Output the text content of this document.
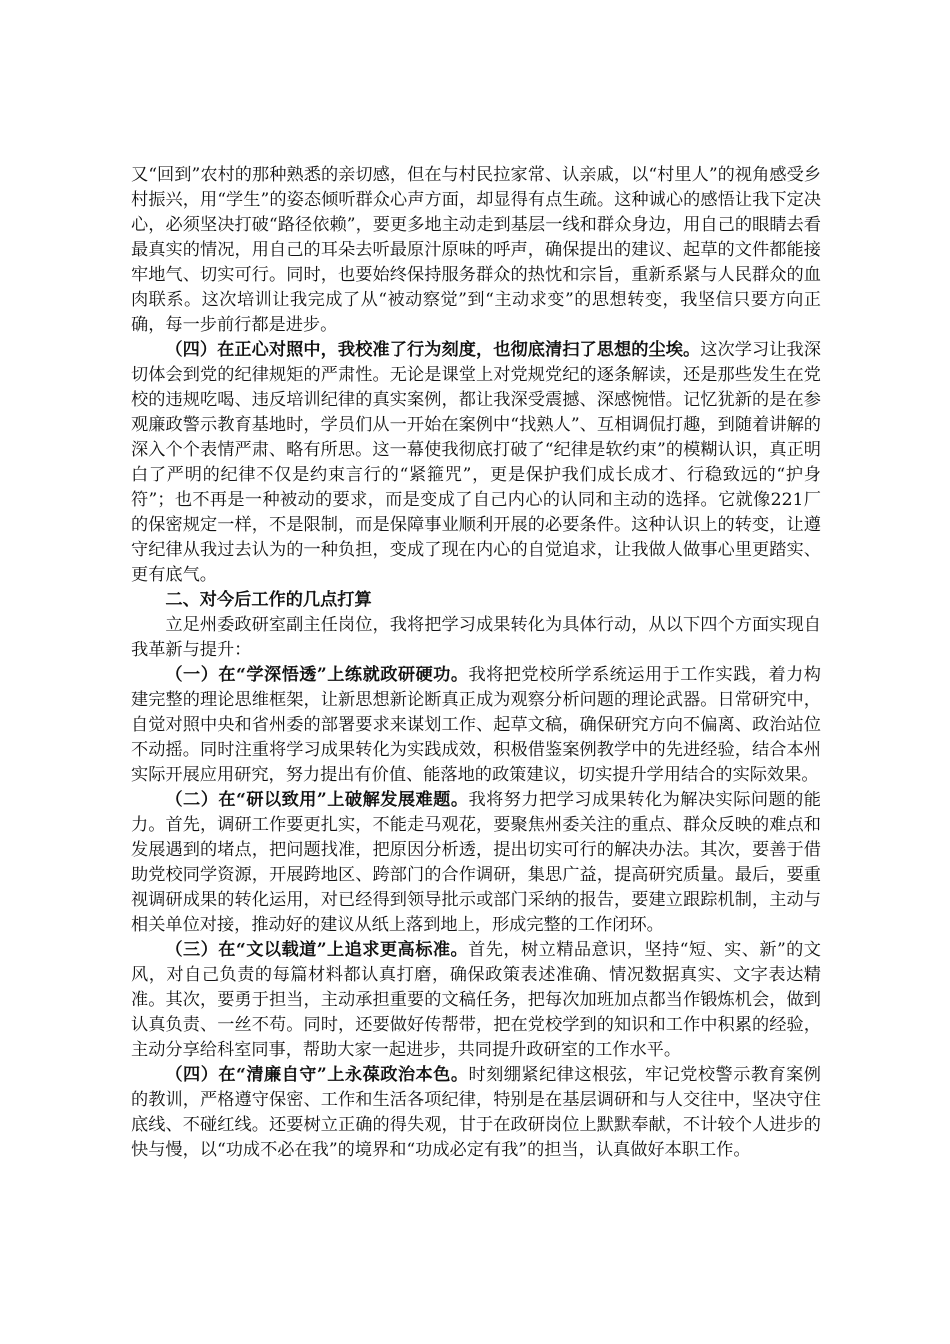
又“回到”农村的那种熟悉的亲切感，但在与村民拉家常、认亲戚，以“村里人”的视角感受乡村振兴，用“学生”的姿态倾听群众心声方面，却显得有点生疏。这种诚心的感悟让我下定决心，必须坚决打破“路径依赖”，要更多地主动走到基层一线和群众身边，用自己的眼睛去看最真实的情况，用自己的耳朵去听最原汁原味的呼声，确保提出的建议、起草的文件都能接牢地气、切实可行。同时，也要始终保持服务群众的热忱和宗旨，重新系紧与人民群众的血肉联系。这次培训让我完成了从“被动察觉”到“主动求变”的思想转变，我坚信只要方向正确，每一步前行都是进步。

（四）在正心对照中，我校准了行为刻度，也彻底清扫了思想的尘埃。这次学习让我深切体会到党的纪律规矩的严肃性。无论是课堂上对党规党纪的逐条解读，还是那些发生在党校的违规吃喝、违反培训纪律的真实案例，都让我深受震撼、深感惋惜。记忆犹新的是在参观廉政警示教育基地时，学员们从一开始在案例中“找熟人”、互相调侃打趣，到随着讲解的深入个个表情严肃、略有所思。这一幕使我彻底打破了“纪律是软约束”的模糊认识，真正明白了严明的纪律不仅是约束言行的“紧箍咒”，更是保护我们成长成才、行稳致远的“护身符”；也不再是一种被动的要求，而是变成了自己内心的认同和主动的选择。它就像221厂的保密规定一样，不是限制，而是保障事业顺利开展的必要条件。这种认识上的转变，让遵守纪律从我过去认为的一种负担，变成了现在内心的自觉追求，让我做人做事心里更踏实、更有底气。

二、对今后工作的几点打算

立足州委政研室副主任岗位，我将把学习成果转化为具体行动，从以下四个方面实现自我革新与提升：

（一）在“学深悟透”上练就政研硬功。我将把党校所学系统运用于工作实践，着力构建完整的理论思维框架，让新思想新论断真正成为观察分析问题的理论武器。日常研究中，自觉对照中央和省州委的部署要求来谋划工作、起草文稿，确保研究方向不偏离、政治站位不动摇。同时注重将学习成果转化为实践成效，积极借鉴案例教学中的先进经验，结合本州实际开展应用研究，努力提出有价值、能落地的政策建议，切实提升学用结合的实际效果。

（二）在“研以致用”上破解发展难题。我将努力把学习成果转化为解决实际问题的能力。首先，调研工作要更扎实，不能走马观花，要聚焦州委关注的重点、群众反映的难点和发展遇到的堵点，把问题找准，把原因分析透，提出切实可行的解决办法。其次，要善于借助党校同学资源，开展跨地区、跨部门的合作调研，集思广益，提高研究质量。最后，要重视调研成果的转化运用，对已经得到领导批示或部门采纳的报告，要建立跟踪机制，主动与相关单位对接，推动好的建议从纸上落到地上，形成完整的工作闭环。

（三）在“文以载道”上追求更高标准。首先，树立精品意识，坚持“短、实、新”的文风，对自己负责的每篇材料都认真打磨，确保政策表述准确、情况数据真实、文字表达精准。其次，要勇于担当，主动承担重要的文稿任务，把每次加班加点都当作锻炼机会，做到认真负责、一丝不苟。同时，还要做好传帮带，把在党校学到的知识和工作中积累的经验，主动分享给科室同事，帮助大家一起进步，共同提升政研室的工作水平。

（四）在“清廉自守”上永葆政治本色。时刻绷紧纪律这根弦，牢记党校警示教育案例的教训，严格遵守保密、工作和生活各项纪律，特别是在基层调研和与人交往中，坚决守住底线、不碰红线。还要树立正确的得失观，甘于在政研岗位上默默奉献，不计较个人进步的快与慢，以“功成不必在我”的境界和“功成必定有我”的担当，认真做好本职工作。
